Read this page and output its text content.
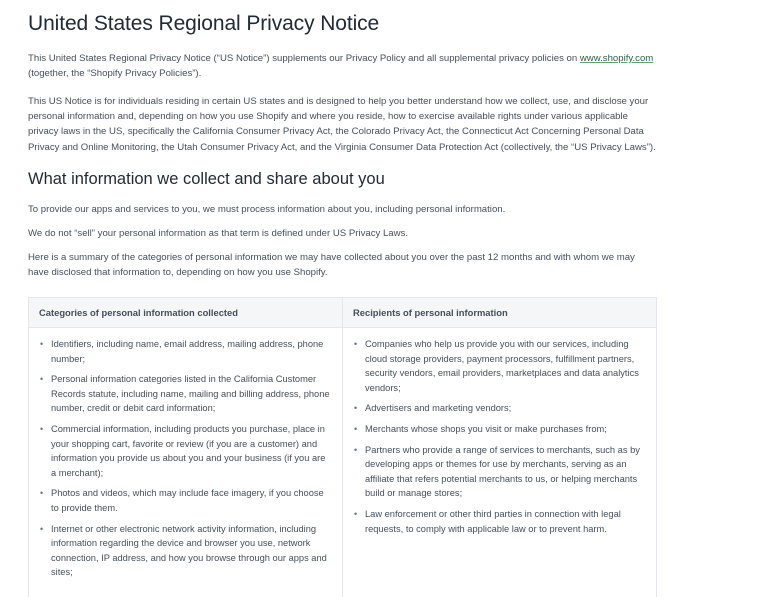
United States Regional Privacy Notice

This United States Regional Privacy Notice (“US Notice”) supplements our Privacy Policy and all supplemental privacy policies on www.shopify.com (together, the “Shopify Privacy Policies”).

This US Notice is for individuals residing in certain US states and is designed to help you better understand how we collect, use, and disclose your personal information and, depending on how you use Shopify and where you reside, how to exercise available rights under various applicable privacy laws in the US, specifically the California Consumer Privacy Act, the Colorado Privacy Act, the Connecticut Act Concerning Personal Data Privacy and Online Monitoring, the Utah Consumer Privacy Act, and the Virginia Consumer Data Protection Act (collectively, the “US Privacy Laws”).

What information we collect and share about you

To provide our apps and services to you, we must process information about you, including personal information.

We do not “sell” your personal information as that term is defined under US Privacy Laws.

Here is a summary of the categories of personal information we may have collected about you over the past 12 months and with whom we may have disclosed that information to, depending on how you use Shopify.

Categories of personal information collected
• Identifiers, including name, email address, mailing address, phone number;
• Personal information categories listed in the California Customer Records statute, including name, mailing and billing address, phone number, credit or debit card information;
• Commercial information, including products you purchase, place in your shopping cart, favorite or review (if you are a customer) and information you provide us about you and your business (if you are a merchant);
• Photos and videos, which may include face imagery, if you choose to provide them.
• Internet or other electronic network activity information, including information regarding the device and browser you use, network connection, IP address, and how you browse through our apps and sites;
Recipients of personal information
• Companies who help us provide you with our services, including cloud storage providers, payment processors, fulfillment partners, security vendors, email providers, marketplaces and data analytics vendors;
• Advertisers and marketing vendors;
• Merchants whose shops you visit or make purchases from;
• Partners who provide a range of services to merchants, such as by developing apps or themes for use by merchants, serving as an affiliate that refers potential merchants to us, or helping merchants build or manage stores;
• Law enforcement or other third parties in connection with legal requests, to comply with applicable law or to prevent harm.
